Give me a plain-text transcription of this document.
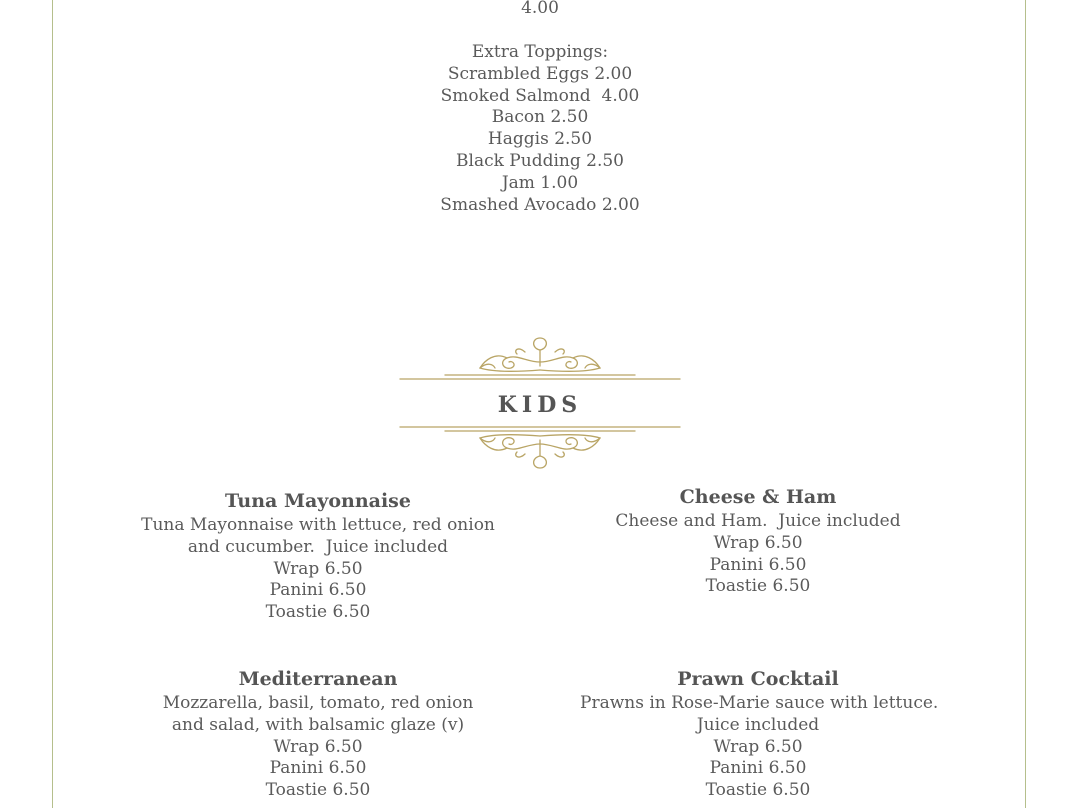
4.00
Extra Toppings:
Scrambled Eggs 2.00
Smoked Salmond  4.00
Bacon 2.50
Haggis 2.50
Black Pudding 2.50
Jam 1.00
Smashed Avocado 2.00
KIDS
Tuna Mayonnaise
Tuna Mayonnaise with lettuce, red onion
and cucumber.  Juice included
Wrap 6.50
Panini 6.50
Toastie 6.50
Cheese & Ham
Cheese and Ham.  Juice included
Wrap 6.50
Panini 6.50
Toastie 6.50
Mediterranean
Mozzarella, basil, tomato, red onion
and salad, with balsamic glaze (v)
Wrap 6.50
Panini 6.50
Toastie 6.50
Prawn Cocktail
Prawns in Rose-Marie sauce with lettuce.
Juice included
Wrap 6.50
Panini 6.50
Toastie 6.50
